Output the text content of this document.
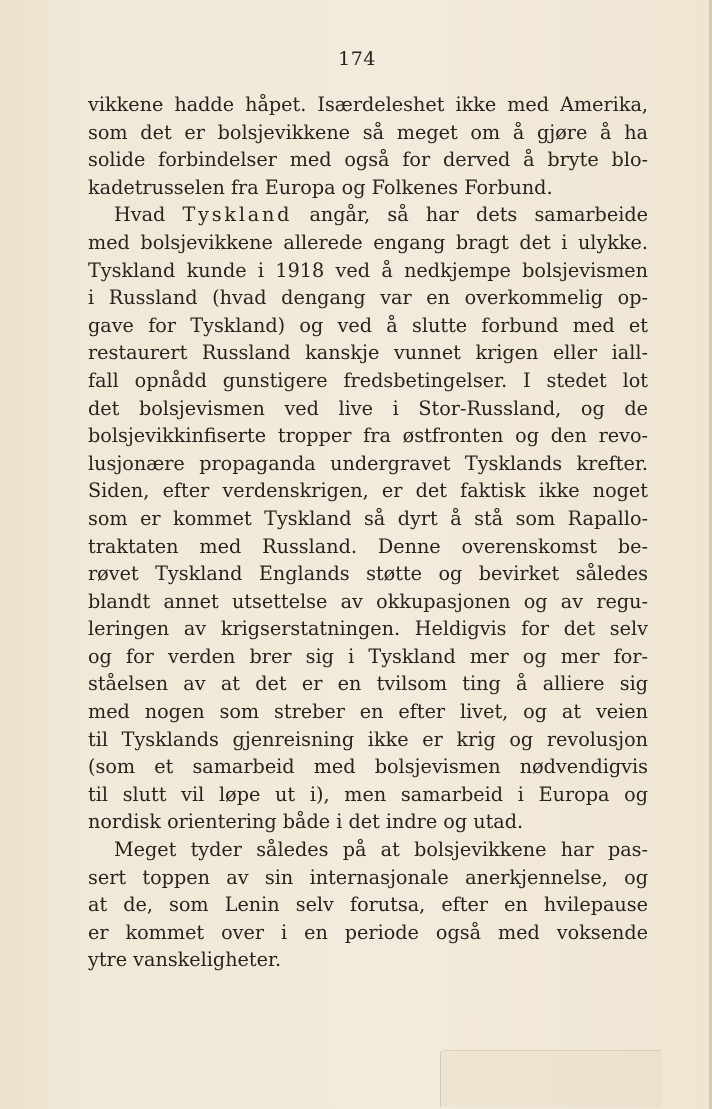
174
vikkene hadde håpet. Isærdeleshet ikke med Amerika,
som det er bolsjevikkene så meget om å gjøre å ha
solide forbindelser med også for derved å bryte blo-
kadetrusselen fra Europa og Folkenes Forbund.
Hvad Tyskland angår, så har dets samarbeide
med bolsjevikkene allerede engang bragt det i ulykke.
Tyskland kunde i 1918 ved å nedkjempe bolsjevismen
i Russland (hvad dengang var en overkommelig op-
gave for Tyskland) og ved å slutte forbund med et
restaurert Russland kanskje vunnet krigen eller iall-
fall opnådd gunstigere fredsbetingelser. I stedet lot
det bolsjevismen ved live i Stor-Russland, og de
bolsjevikkinfiserte tropper fra østfronten og den revo-
lusjonære propaganda undergravet Tysklands krefter.
Siden, efter verdenskrigen, er det faktisk ikke noget
som er kommet Tyskland så dyrt å stå som Rapallo-
traktaten med Russland. Denne overenskomst be-
røvet Tyskland Englands støtte og bevirket således
blandt annet utsettelse av okkupasjonen og av regu-
leringen av krigserstatningen. Heldigvis for det selv
og for verden brer sig i Tyskland mer og mer for-
ståelsen av at det er en tvilsom ting å alliere sig
med nogen som streber en efter livet, og at veien
til Tysklands gjenreisning ikke er krig og revolusjon
(som et samarbeid med bolsjevismen nødvendigvis
til slutt vil løpe ut i), men samarbeid i Europa og
nordisk orientering både i det indre og utad.
Meget tyder således på at bolsjevikkene har pas-
sert toppen av sin internasjonale anerkjennelse, og
at de, som Lenin selv forutsa, efter en hvilepause
er kommet over i en periode også med voksende
ytre vanskeligheter.
